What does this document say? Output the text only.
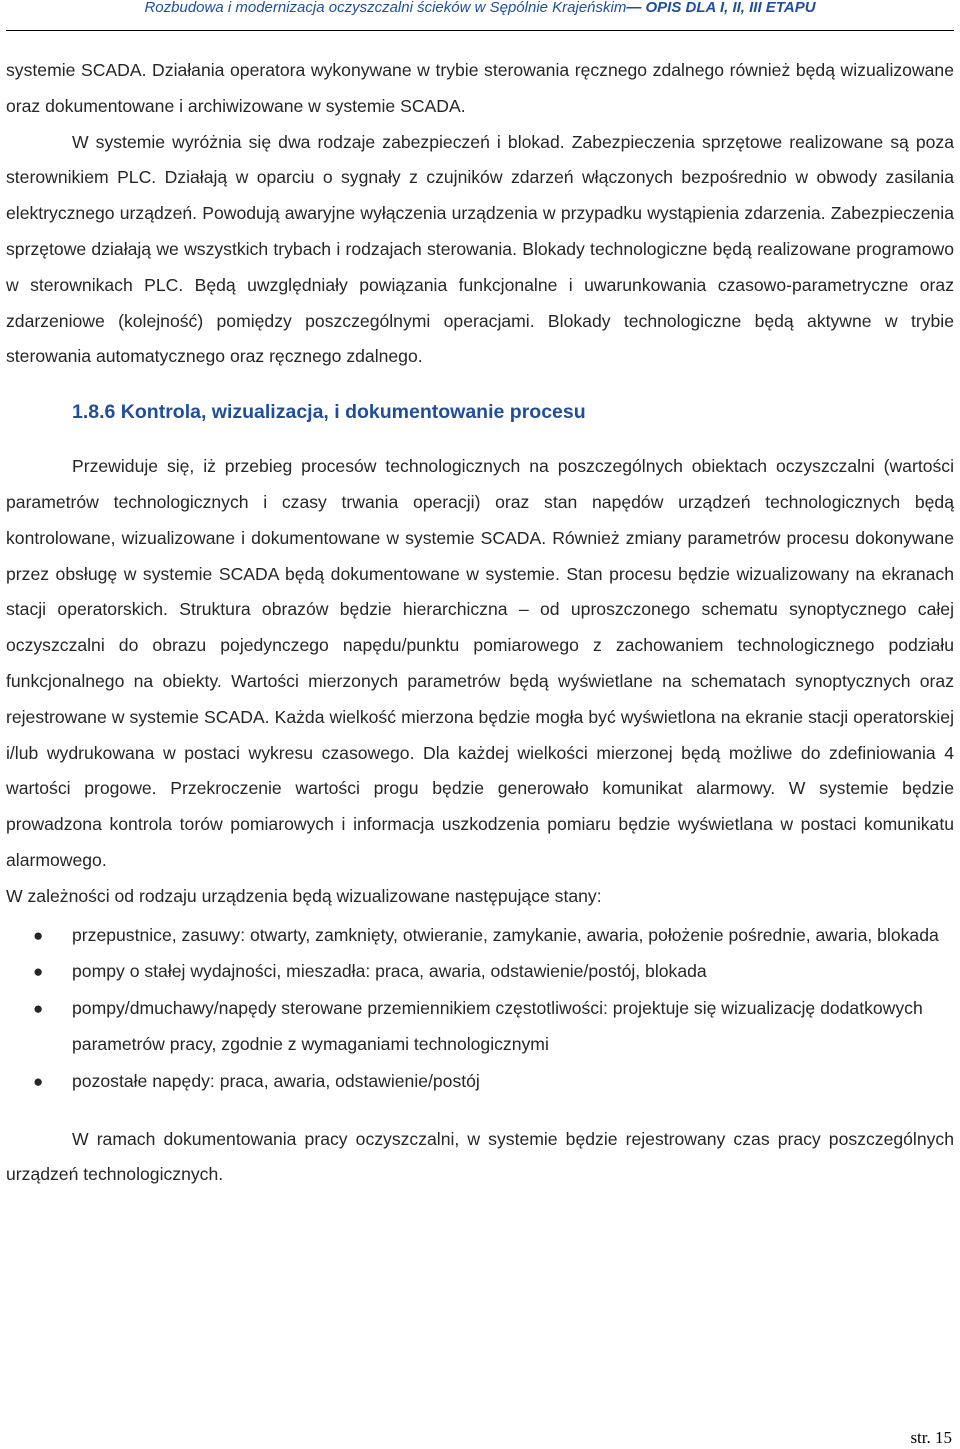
Rozbudowa i modernizacja oczyszczalni ścieków w Sępólnie Krajeńskim— OPIS DLA I, II, III ETAPU

systemie SCADA. Działania operatora wykonywane w trybie sterowania ręcznego zdalnego również będą wizualizowane oraz dokumentowane i archiwizowane w systemie SCADA.

W systemie wyróżnia się dwa rodzaje zabezpieczeń i blokad. Zabezpieczenia sprzętowe realizowane są poza sterownikiem PLC. Działają w oparciu o sygnały z czujników zdarzeń włączonych bezpośrednio w obwody zasilania elektrycznego urządzeń. Powodują awaryjne wyłączenia urządzenia w przypadku wystąpienia zdarzenia. Zabezpieczenia sprzętowe działają we wszystkich trybach i rodzajach sterowania. Blokady technologiczne będą realizowane programowo w sterownikach PLC. Będą uwzględniały powiązania funkcjonalne i uwarunkowania czasowo-parametryczne oraz zdarzeniowe (kolejność) pomiędzy poszczególnymi operacjami. Blokady technologiczne będą aktywne w trybie sterowania automatycznego oraz ręcznego zdalnego.

1.8.6 Kontrola, wizualizacja, i dokumentowanie procesu

Przewiduje się, iż przebieg procesów technologicznych na poszczególnych obiektach oczyszczalni (wartości parametrów technologicznych i czasy trwania operacji) oraz stan napędów urządzeń technologicznych będą kontrolowane, wizualizowane i dokumentowane w systemie SCADA. Również zmiany parametrów procesu dokonywane przez obsługę w systemie SCADA będą dokumentowane w systemie. Stan procesu będzie wizualizowany na ekranach stacji operatorskich. Struktura obrazów będzie hierarchiczna – od uproszczonego schematu synoptycznego całej oczyszczalni do obrazu pojedynczego napędu/punktu pomiarowego z zachowaniem technologicznego podziału funkcjonalnego na obiekty. Wartości mierzonych parametrów będą wyświetlane na schematach synoptycznych oraz rejestrowane w systemie SCADA. Każda wielkość mierzona będzie mogła być wyświetlona na ekranie stacji operatorskiej i/lub wydrukowana w postaci wykresu czasowego. Dla każdej wielkości mierzonej będą możliwe do zdefiniowania 4 wartości progowe. Przekroczenie wartości progu będzie generowało komunikat alarmowy. W systemie będzie prowadzona kontrola torów pomiarowych i informacja uszkodzenia pomiaru będzie wyświetlana w postaci komunikatu alarmowego.

W zależności od rodzaju urządzenia będą wizualizowane następujące stany:

● przepustnice, zasuwy: otwarty, zamknięty, otwieranie, zamykanie, awaria, położenie pośrednie, awaria, blokada
● pompy o stałej wydajności, mieszadła: praca, awaria, odstawienie/postój, blokada
● pompy/dmuchawy/napędy sterowane przemiennikiem częstotliwości: projektuje się wizualizację dodatkowych parametrów pracy, zgodnie z wymaganiami technologicznymi
● pozostałe napędy: praca, awaria, odstawienie/postój

W ramach dokumentowania pracy oczyszczalni, w systemie będzie rejestrowany czas pracy poszczególnych urządzeń technologicznych.

str. 15
